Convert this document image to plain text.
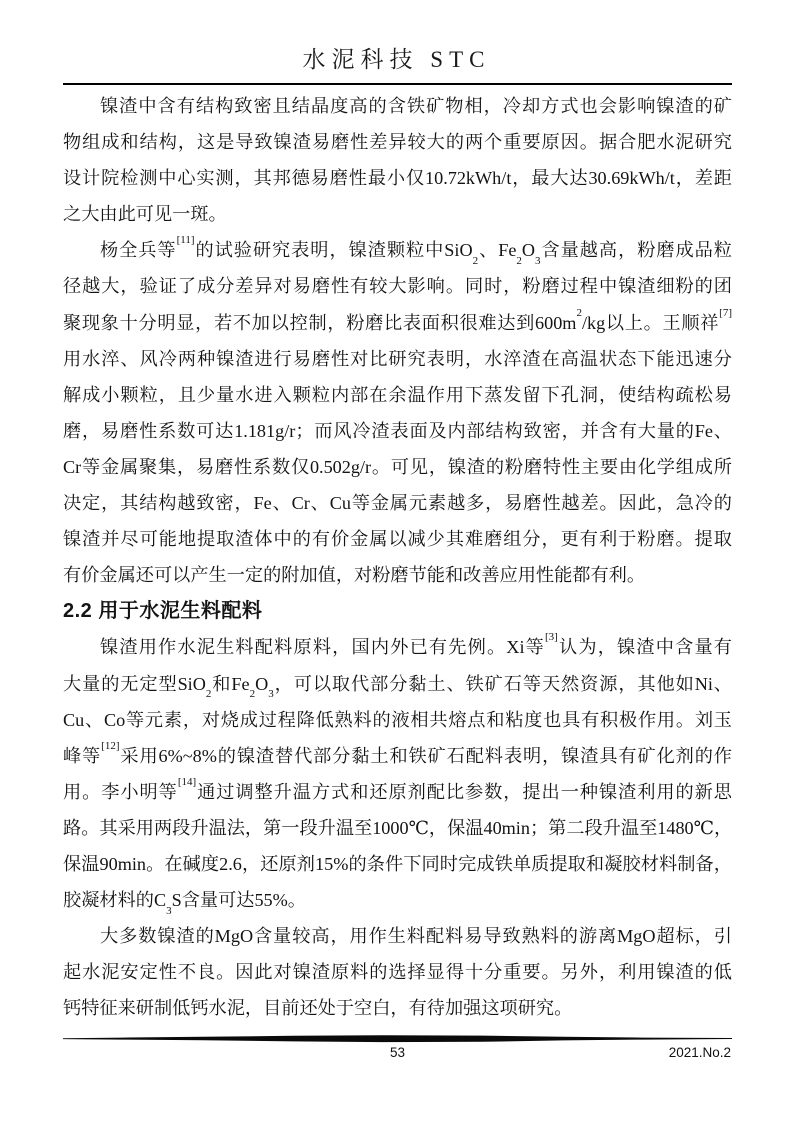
水泥科技 STC
镍渣中含有结构致密且结晶度高的含铁矿物相，冷却方式也会影响镍渣的矿
物组成和结构，这是导致镍渣易磨性差异较大的两个重要原因。据合肥水泥研究
设计院检测中心实测，其邦德易磨性最小仅10.72kWh/t，最大达30.69kWh/t，差距
之大由此可见一斑。
杨全兵等[11]的试验研究表明，镍渣颗粒中SiO$_2$、$Fe_2O_3$含量越高，粉磨成品粒
径越大，验证了成分差异对易磨性有较大影响。同时，粉磨过程中镍渣细粉的团
聚现象十分明显，若不加以控制，粉磨比表面积很难达到$600m^2/kg$以上。王顺祥[7]
用水淬、风冷两种镍渣进行易磨性对比研究表明，水淬渣在高温状态下能迅速分
解成小颗粒，且少量水进入颗粒内部在余温作用下蒸发留下孔洞，使结构疏松易
磨，易磨性系数可达1.181g/r；而风冷渣表面及内部结构致密，并含有大量的Fe、
Cr等金属聚集，易磨性系数仅0.502g/r。可见，镍渣的粉磨特性主要由化学组成所
决定，其结构越致密，Fe、Cr、Cu等金属元素越多，易磨性越差。因此，急冷的
镍渣并尽可能地提取渣体中的有价金属以减少其难磨组分，更有利于粉磨。提取
有价金属还可以产生一定的附加值，对粉磨节能和改善应用性能都有利。
2.2 用于水泥生料配料
镍渣用作水泥生料配料原料，国内外已有先例。Xi等[3]认为，镍渣中含量有
大量的无定型SiO$_2$和$Fe_2O_3$，可以取代部分黏土、铁矿石等天然资源，其他如Ni、
Cu、Co等元素，对烧成过程降低熟料的液相共熔点和粘度也具有积极作用。刘玉
峰等[12]采用6%~8%的镍渣替代部分黏土和铁矿石配料表明，镍渣具有矿化剂的作
用。李小明等[14]通过调整升温方式和还原剂配比参数，提出一种镍渣利用的新思
路。其采用两段升温法，第一段升温至1000℃，保温40min；第二段升温至1480℃，
保温90min。在碱度2.6，还原剂15%的条件下同时完成铁单质提取和凝胶材料制备，
胶凝材料的$C_3S$含量可达55%。
大多数镍渣的MgO含量较高，用作生料配料易导致熟料的游离MgO超标，引
起水泥安定性不良。因此对镍渣原料的选择显得十分重要。另外，利用镍渣的低
钙特征来研制低钙水泥，目前还处于空白，有待加强这项研究。
53	2021.No.2
